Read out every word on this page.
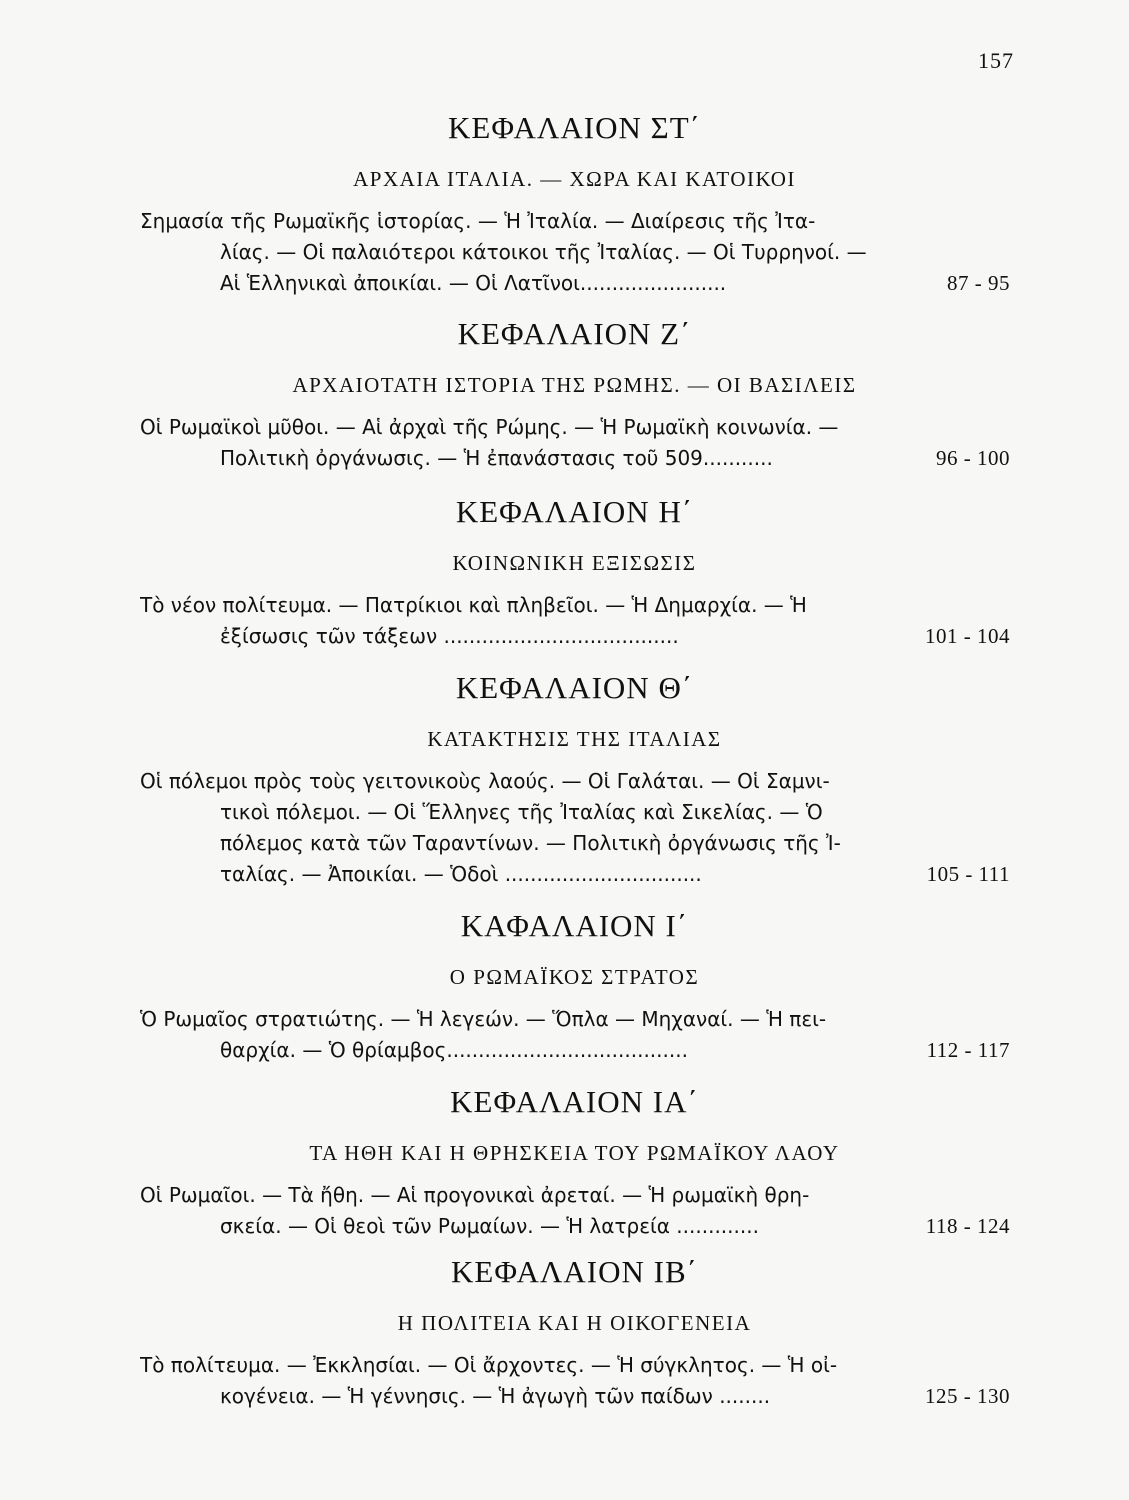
157
ΚΕΦΑΛΑΙΟΝ ΣΤ΄
ΑΡΧΑΙΑ ΙΤΑΛΙΑ. — ΧΩΡΑ ΚΑΙ ΚΑΤΟΙΚΟΙ
Σημασία τῆς Ρωμαϊκῆς ἱστορίας. — Ἡ Ἰταλία. — Διαίρεσις τῆς Ἰτα-
λίας. — Οἱ παλαιότεροι κάτοικοι τῆς Ἰταλίας. — Οἱ Τυρρηνοί. —
Αἱ Ἑλληνικαὶ ἀποικίαι. — Οἱ Λατῖνοι.......................	87 - 95
ΚΕΦΑΛΑΙΟΝ Ζ΄
ΑΡΧΑΙΟΤΑΤΗ ΙΣΤΟΡΙΑ ΤΗΣ ΡΩΜΗΣ. — ΟΙ ΒΑΣΙΛΕΙΣ
Οἱ Ρωμαϊκοὶ μῦθοι. — Αἱ ἀρχαὶ τῆς Ρώμης. — Ἡ Ρωμαϊκὴ κοινωνία. —
Πολιτικὴ ὀργάνωσις. — Ἡ ἐπανάστασις τοῦ 509...........	96 - 100
ΚΕΦΑΛΑΙΟΝ Η΄
ΚΟΙΝΩΝΙΚΗ ΕΞΙΣΩΣΙΣ
Τὸ νέον πολίτευμα. — Πατρίκιοι καὶ πληβεῖοι. — Ἡ Δημαρχία. — Ἡ
ἐξίσωσις τῶν τάξεων .....................................	101 - 104
ΚΕΦΑΛΑΙΟΝ Θ΄
ΚΑΤΑΚΤΗΣΙΣ ΤΗΣ ΙΤΑΛΙΑΣ
Οἱ πόλεμοι πρὸς τοὺς γειτονικοὺς λαούς. — Οἱ Γαλάται. — Οἱ Σαμνι-
τικοὶ πόλεμοι. — Οἱ Ἕλληνες τῆς Ἰταλίας καὶ Σικελίας. — Ὁ
πόλεμος κατὰ τῶν Ταραντίνων. — Πολιτικὴ ὀργάνωσις τῆς Ἰ-
ταλίας. — Ἀποικίαι. — Ὁδοὶ ...............................	105 - 111
ΚΑΦΑΛΑΙΟΝ Ι΄
Ο ΡΩΜΑΪΚΟΣ ΣΤΡΑΤΟΣ
Ὁ Ρωμαῖος στρατιώτης. — Ἡ λεγεών. — Ὅπλα — Μηχαναί. — Ἡ πει-
θαρχία. — Ὁ θρίαμβος......................................	112 - 117
ΚΕΦΑΛΑΙΟΝ ΙΑ΄
ΤΑ ΗΘΗ ΚΑΙ Η ΘΡΗΣΚΕΙΑ ΤΟΥ ΡΩΜΑΪΚΟΥ ΛΑΟΥ
Οἱ Ρωμαῖοι. — Τὰ ἤθη. — Αἱ προγονικαὶ ἀρεταί. — Ἡ ρωμαϊκὴ θρη-
σκεία. — Οἱ θεοὶ τῶν Ρωμαίων. — Ἡ λατρεία .............	118 - 124
ΚΕΦΑΛΑΙΟΝ ΙΒ΄
Η ΠΟΛΙΤΕΙΑ ΚΑΙ Η ΟΙΚΟΓΕΝΕΙΑ
Τὸ πολίτευμα. — Ἐκκλησίαι. — Οἱ ἄρχοντες. — Ἡ σύγκλητος. — Ἡ οἰ-
κογένεια. — Ἡ γέννησις. — Ἡ ἀγωγὴ τῶν παίδων ........	125 - 130
